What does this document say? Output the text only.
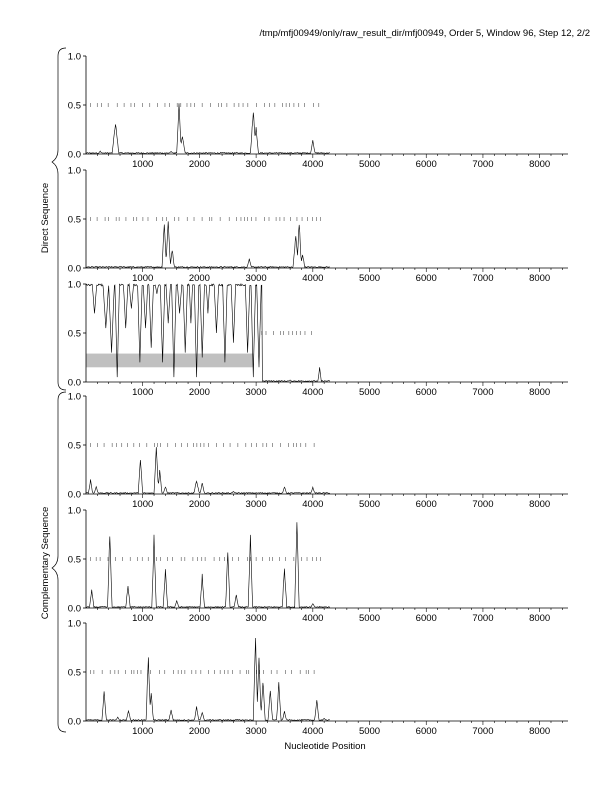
/tmp/mfj00949/only/raw_result_dir/mfj00949, Order 5, Window 96, Step 12, 2/2
0.0
0.5
1.0
1000	2000	3000	4000	5000	6000	7000	8000
0.0
0.5
1.0
1000	2000	3000	4000	5000	6000	7000	8000
0.0
0.5
1.0
1000	2000	3000	4000	5000	6000	7000	8000
0.0
0.5
1.0
1000	2000	3000	4000	5000	6000	7000	8000
0.0
0.5
1.0
1000	2000	3000	4000	5000	6000	7000	8000
0.0
0.5
1.0
1000	2000	3000	4000	5000	6000	7000	8000
Direct Sequence
Complementary Sequence
Nucleotide Position
